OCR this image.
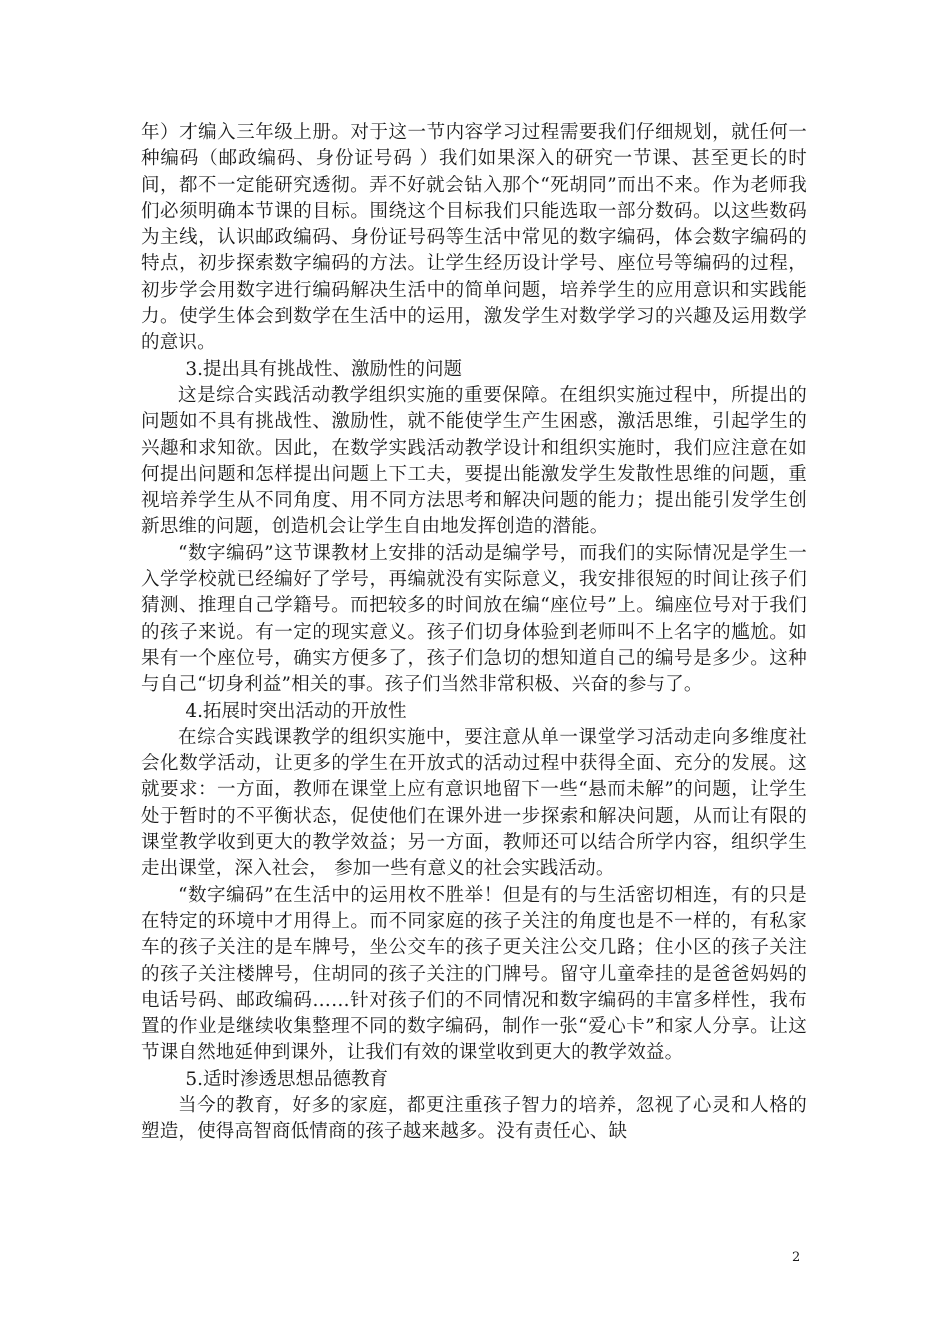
年）才编入三年级上册。对于这一节内容学习过程需要我们仔细规划，就任何一种编码（邮政编码、身份证号码 ）我们如果深入的研究一节课、甚至更长的时间，都不一定能研究透彻。弄不好就会钻入那个“死胡同”而出不来。作为老师我们必须明确本节课的目标。围绕这个目标我们只能选取一部分数码。以这些数码为主线，认识邮政编码、身份证号码等生活中常见的数字编码，体会数字编码的特点，初步探索数字编码的方法。让学生经历设计学号、座位号等编码的过程，初步学会用数字进行编码解决生活中的简单问题，培养学生的应用意识和实践能力。使学生体会到数学在生活中的运用，激发学生对数学学习的兴趣及运用数学的意识。

3.提出具有挑战性、激励性的问题

这是综合实践活动教学组织实施的重要保障。在组织实施过程中，所提出的问题如不具有挑战性、激励性，就不能使学生产生困惑，激活思维，引起学生的兴趣和求知欲。因此，在数学实践活动教学设计和组织实施时，我们应注意在如何提出问题和怎样提出问题上下工夫，要提出能激发学生发散性思维的问题，重视培养学生从不同角度、用不同方法思考和解决问题的能力；提出能引发学生创新思维的问题，创造机会让学生自由地发挥创造的潜能。

“数字编码”这节课教材上安排的活动是编学号，而我们的实际情况是学生一入学学校就已经编好了学号，再编就没有实际意义，我安排很短的时间让孩子们猜测、推理自己学籍号。而把较多的时间放在编“座位号”上。编座位号对于我们的孩子来说。有一定的现实意义。孩子们切身体验到老师叫不上名字的尴尬。如果有一个座位号，确实方便多了，孩子们急切的想知道自己的编号是多少。这种与自己“切身利益”相关的事。孩子们当然非常积极、兴奋的参与了。

4.拓展时突出活动的开放性

在综合实践课教学的组织实施中，要注意从单一课堂学习活动走向多维度社会化数学活动，让更多的学生在开放式的活动过程中获得全面、充分的发展。这就要求：一方面，教师在课堂上应有意识地留下一些“悬而未解”的问题，让学生处于暂时的不平衡状态，促使他们在课外进一步探索和解决问题，从而让有限的课堂教学收到更大的教学效益；另一方面，教师还可以结合所学内容，组织学生走出课堂，深入社会， 参加一些有意义的社会实践活动。

“数字编码”在生活中的运用枚不胜举！但是有的与生活密切相连，有的只是在特定的环境中才用得上。而不同家庭的孩子关注的角度也是不一样的，有私家车的孩子关注的是车牌号，坐公交车的孩子更关注公交几路；住小区的孩子关注的孩子关注楼牌号，住胡同的孩子关注的门牌号。留守儿童牵挂的是爸爸妈妈的电话号码、邮政编码……针对孩子们的不同情况和数字编码的丰富多样性，我布置的作业是继续收集整理不同的数字编码，制作一张“爱心卡”和家人分享。让这节课自然地延伸到课外，让我们有效的课堂收到更大的教学效益。

5.适时渗透思想品德教育

当今的教育，好多的家庭，都更注重孩子智力的培养，忽视了心灵和人格的塑造，使得高智商低情商的孩子越来越多。没有责任心、缺

2
